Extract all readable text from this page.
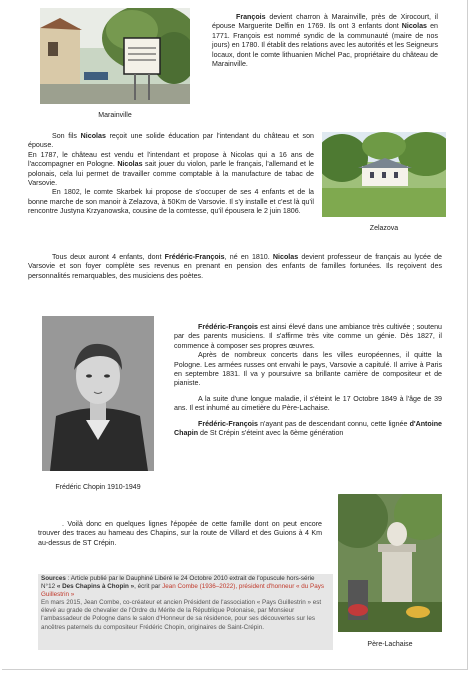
Marainville

François devient charron à Marainville, près de Xirocourt, il épouse Marguerite Delfin en 1769. Ils ont 3 enfants dont Nicolas en 1771. François est nommé syndic de la communauté (maire de nos jours) en 1780. Il établit des relations avec les autorités et les Seigneurs locaux, dont le comte lithuanien Michel Pac, propriétaire du château de Marainville.

Zelazova

Son fils Nicolas reçoit une solide éducation par l'intendant du château et son épouse.

En 1787, le château est vendu et l'intendant et propose à Nicolas qui a 16 ans de l'accompagner en Pologne. Nicolas sait jouer du violon, parle le français, l'allemand et le polonais, cela lui permet de travailler comme comptable à la manufacture de tabac de Varsovie.

En 1802, le comte Skarbek lui propose de s'occuper de ses 4 enfants et de la bonne marche de son manoir à Zelazova, à 50Km de Varsovie. Il s'y installe et c'est là qu'il rencontre Justyna Krzyanowska, cousine de la comtesse, qu'il épousera le 2 juin 1806.

Tous deux auront 4 enfants, dont Frédéric-François, né en 1810. Nicolas devient professeur de français au lycée de Varsovie et son foyer complète ses revenus en prenant en pension des enfants de familles fortunées. Ils reçoivent des personnalités remarquables, des musiciens des poètes.

Frédéric Chopin 1910-1949

Frédéric-François est ainsi élevé dans une ambiance très cultivée ; soutenu par des parents musiciens. Il s'affirme très vite comme un génie. Dès 1827, il commence à composer ses propres œuvres.

Après de nombreux concerts dans les villes européennes, il quitte la Pologne. Les armées russes ont envahi le pays, Varsovie a capitulé. Il arrive à Paris en septembre 1831. Il va y poursuivre sa brillante carrière de compositeur et de pianiste.

A la suite d'une longue maladie, il s'éteint le 17 Octobre 1849 à l'âge de 39 ans. Il est inhumé au cimetière du Père-Lachaise.

Frédéric-François n'ayant pas de descendant connu, cette lignée d'Antoine Chapin de St Crépin s'éteint avec la 6ème génération

. Voilà donc en quelques lignes l'épopée de cette famille dont on peut encore trouver des traces au hameau des Chapins, sur la route de Villard et des Guions à 4 Km au-dessus de ST Crépin.

Père-Lachaise
Sources : Article publié par le Dauphiné Libéré le 24 Octobre 2010 extrait de l'opuscule hors-série N°12 « Des Chapins à Chopin », écrit par Jean Combe (1936–2022), président d'honneur « du Pays Guillestrin »
En mars 2015, Jean Combe, co-créateur et ancien Président de l'association « Pays Guillestrin » est élevé au grade de chevalier de l'Ordre du Mérite de la République Polonaise, par Monsieur l'ambassadeur de Pologne dans le salon d'Honneur de sa résidence, pour ses découvertes sur les ancêtres paternels du compositeur Frédéric Chopin, originaires de Saint-Crépin.
